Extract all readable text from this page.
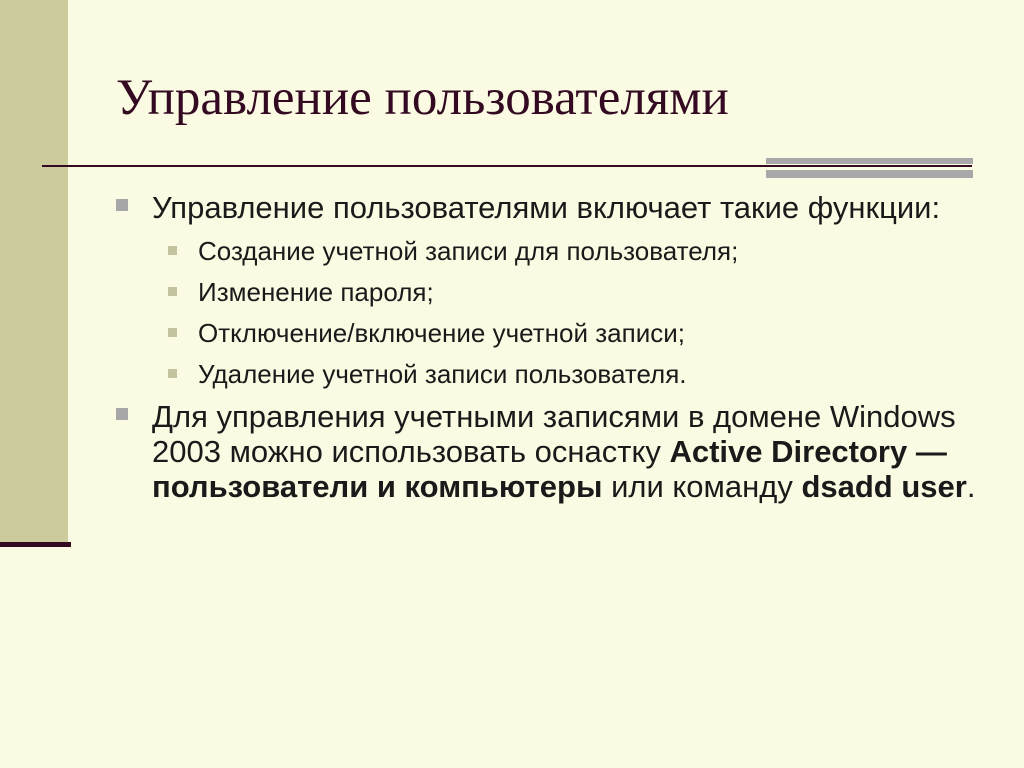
Управление пользователями
Управление пользователями включает такие функции:
Создание учетной записи для пользователя;
Изменение пароля;
Отключение/включение учетной записи;
Удаление учетной записи пользователя.
Для управления учетными записями в домене Windows 2003 можно использовать оснастку Active Directory — пользователи и компьютеры или команду dsadd user.
